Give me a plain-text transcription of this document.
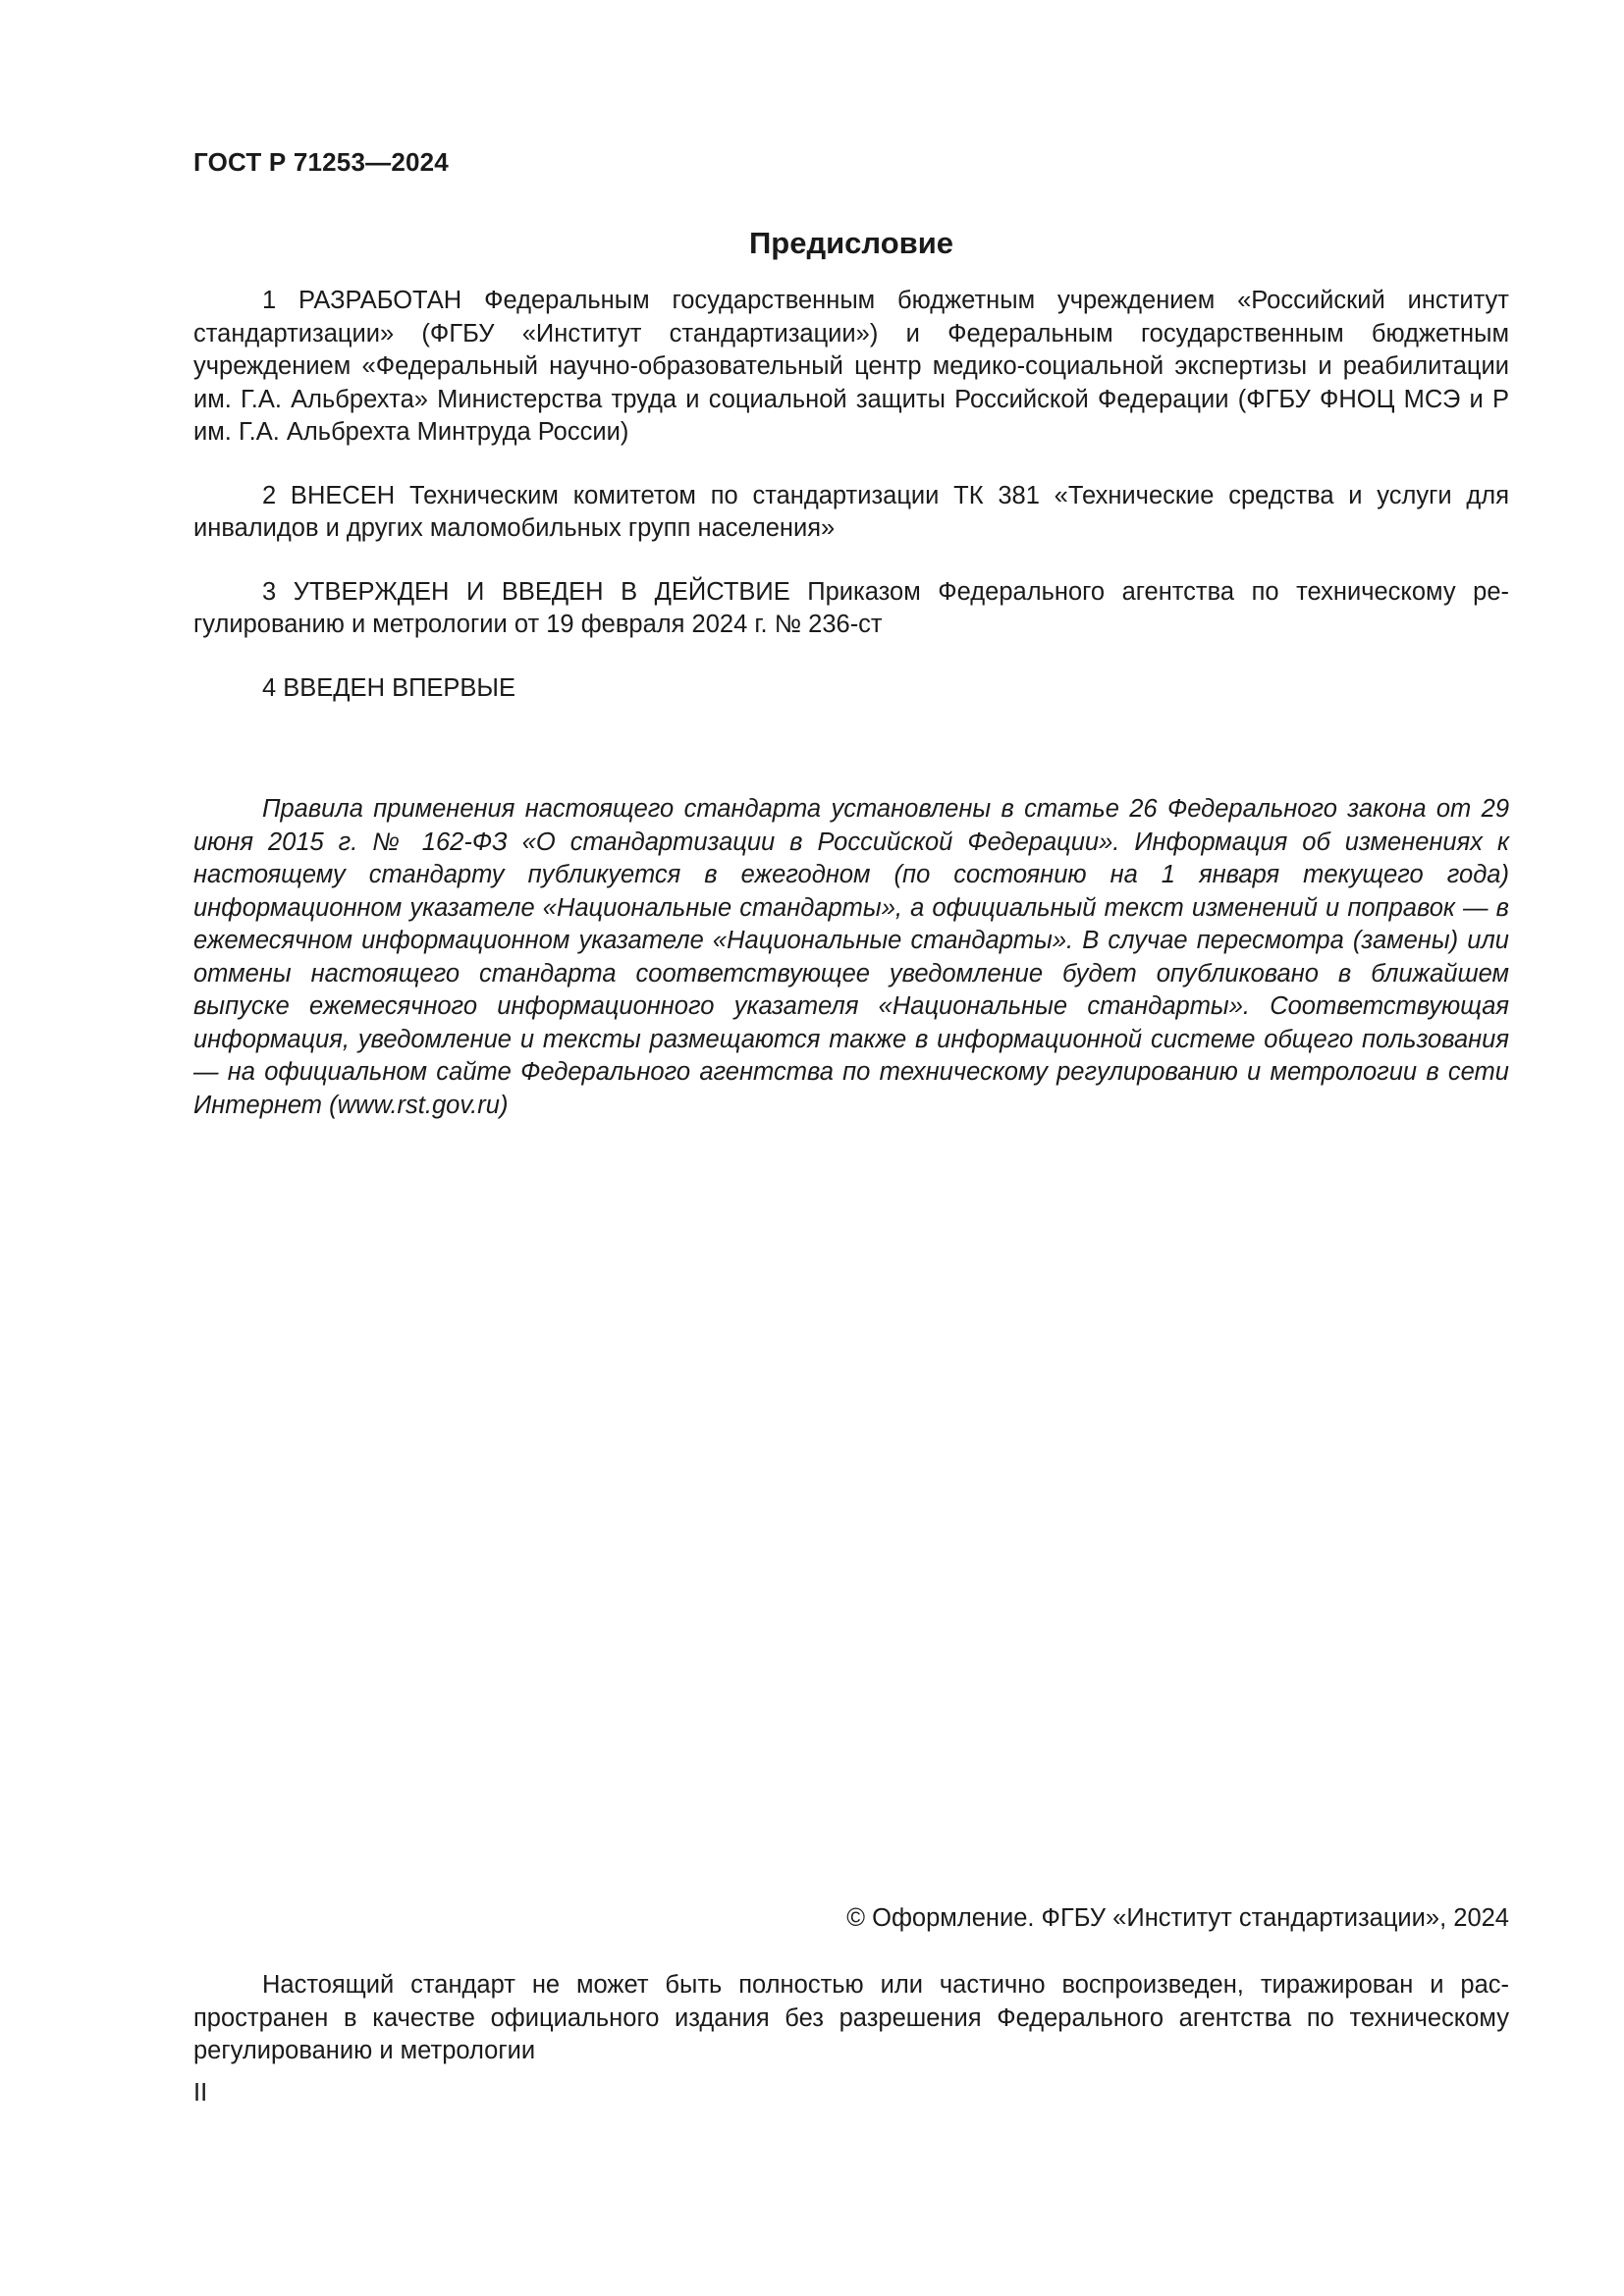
ГОСТ Р 71253—2024
Предисловие

1 РАЗРАБОТАН Федеральным государственным бюджетным учреждением «Российский институт стандартизации» (ФГБУ «Институт стандартизации») и Федеральным государственным бюджетным учреждением «Федеральный научно-образовательный центр медико-социальной экспертизы и реабилитации им. Г.А. Альбрехта» Министерства труда и социальной защиты Российской Федерации (ФГБУ ФНОЦ МСЭ и Р им. Г.А. Альбрехта Минтруда России)

2 ВНЕСЕН Техническим комитетом по стандартизации ТК 381 «Технические средства и услуги для инвалидов и других маломобильных групп населения»

3 УТВЕРЖДЕН И ВВЕДЕН В ДЕЙСТВИЕ Приказом Федерального агентства по техническому регулированию и метрологии от 19 февраля 2024 г. № 236-ст

4 ВВЕДЕН ВПЕРВЫЕ

Правила применения настоящего стандарта установлены в статье 26 Федерального закона от 29 июня 2015 г. № 162-ФЗ «О стандартизации в Российской Федерации». Информация об изменениях к настоящему стандарту публикуется в ежегодном (по состоянию на 1 января текущего года) информационном указателе «Национальные стандарты», а официальный текст изменений и поправок — в ежемесячном информационном указателе «Национальные стандарты». В случае пересмотра (замены) или отмены настоящего стандарта соответствующее уведомление будет опубликовано в ближайшем выпуске ежемесячного информационного указателя «Национальные стандарты». Соответствующая информация, уведомление и тексты размещаются также в информационной системе общего пользования — на официальном сайте Федерального агентства по техническому регулированию и метрологии в сети Интернет (www.rst.gov.ru)

© Оформление. ФГБУ «Институт стандартизации», 2024

Настоящий стандарт не может быть полностью или частично воспроизведен, тиражирован и распространен в качестве официального издания без разрешения Федерального агентства по техническому регулированию и метрологии

II
